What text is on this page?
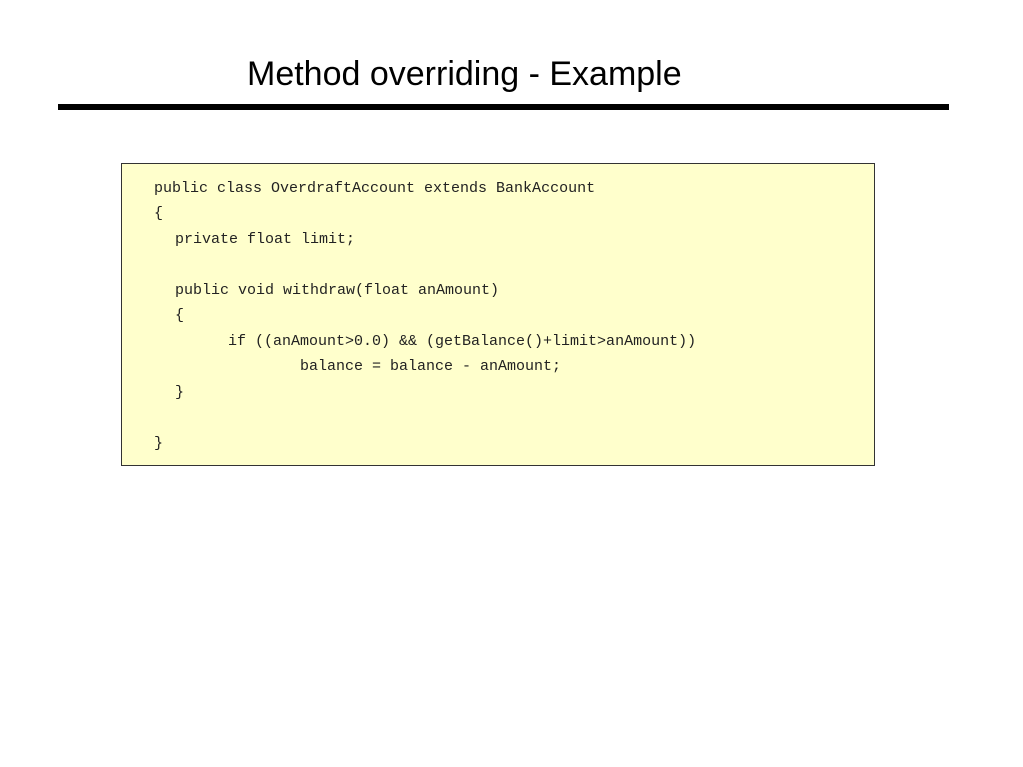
Method overriding - Example
public class OverdraftAccount extends BankAccount
{
private float limit;
public void withdraw(float anAmount)
{
if ((anAmount>0.0) && (getBalance()+limit>anAmount))
balance = balance - anAmount;
}
}
